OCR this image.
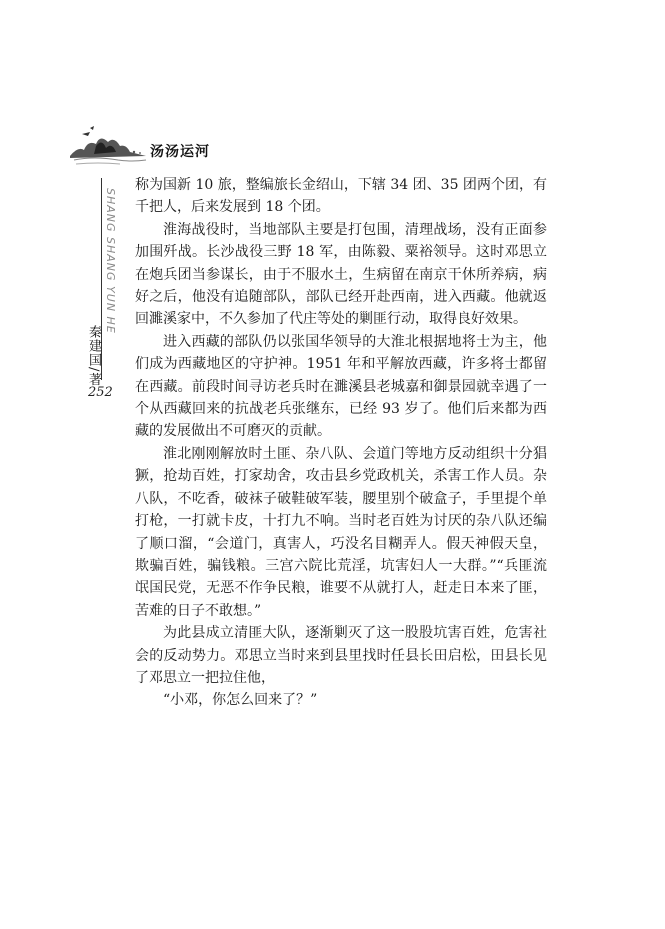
汤汤运河
SHANG SHANG YUN HE
秦建国/著
252

称为国新 10 旅，整编旅长金绍山，下辖 34 团、35 团两个团，有千把人，后来发展到 18 个团。

淮海战役时，当地部队主要是打包围，清理战场，没有正面参加围歼战。长沙战役三野 18 军，由陈毅、粟裕领导。这时邓思立在炮兵团当参谋长，由于不服水土，生病留在南京干休所养病，病好之后，他没有追随部队，部队已经开赴西南，进入西藏。他就返回濉溪家中，不久参加了代庄等处的剿匪行动，取得良好效果。

进入西藏的部队仍以张国华领导的大淮北根据地将士为主，他们成为西藏地区的守护神。1951 年和平解放西藏，许多将士都留在西藏。前段时间寻访老兵时在濉溪县老城嘉和御景园就幸遇了一个从西藏回来的抗战老兵张继东，已经 93 岁了。他们后来都为西藏的发展做出不可磨灭的贡献。

淮北刚刚解放时土匪、杂八队、会道门等地方反动组织十分猖獗，抢劫百姓，打家劫舍，攻击县乡党政机关，杀害工作人员。杂八队，不吃香，破袜子破鞋破军装，腰里别个破盒子，手里提个单打枪，一打就卡皮，十打九不响。当时老百姓为讨厌的杂八队还编了顺口溜，“会道门，真害人，巧没名目糊弄人。假天神假天皇，欺骗百姓，骗钱粮。三宫六院比荒淫，坑害妇人一大群。”“兵匪流氓国民党，无恶不作争民粮，谁要不从就打人，赶走日本来了匪，苦难的日子不敢想。”

为此县成立清匪大队，逐渐剿灭了这一股股坑害百姓，危害社会的反动势力。邓思立当时来到县里找时任县长田启松，田县长见了邓思立一把拉住他，

“小邓，你怎么回来了？”
